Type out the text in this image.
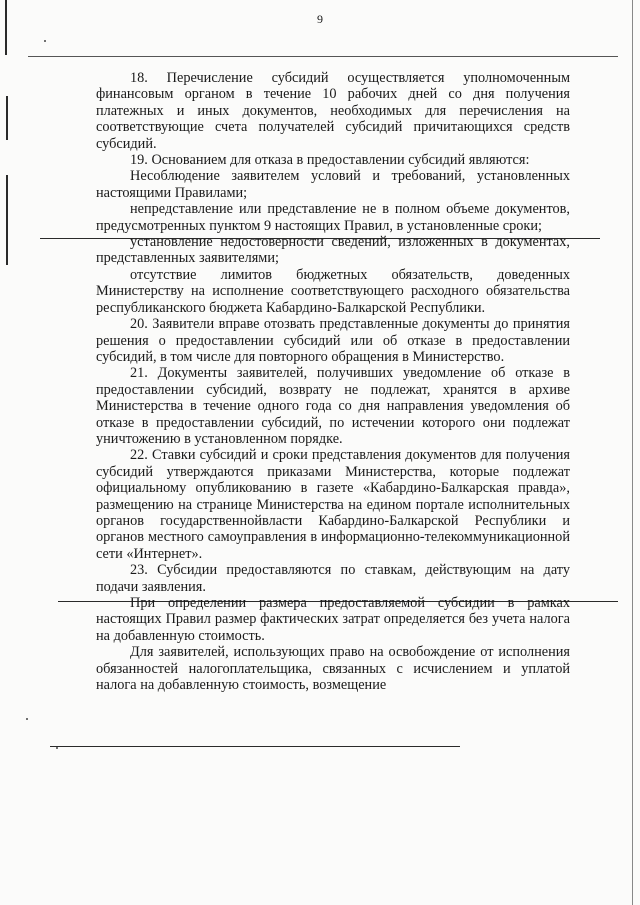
9

18. Перечисление субсидий осуществляется уполномоченным финансовым органом в течение 10 рабочих дней со дня получения платежных и иных документов, необходимых для перечисления на соответствующие счета получателей субсидий причитающихся средств субсидий.

19. Основанием для отказа в предоставлении субсидий являются:

Несоблюдение заявителем условий и требований, установленных настоящими Правилами;

непредставление или представление не в полном объеме документов, предусмотренных пунктом 9 настоящих Правил, в установленные сроки;

установление недостоверности сведений, изложенных в документах, представленных заявителями;

отсутствие лимитов бюджетных обязательств, доведенных Министерству на исполнение соответствующего расходного обязательства республиканского бюджета Кабардино-Балкарской Республики.

20. Заявители вправе отозвать представленные документы до принятия решения о предоставлении субсидий или об отказе в предоставлении субсидий, в том числе для повторного обращения в Министерство.

21. Документы заявителей, получивших уведомление об отказе в предоставлении субсидий, возврату не подлежат, хранятся в архиве Министерства в течение одного года со дня направления уведомления об отказе в предоставлении субсидий, по истечении которого они подлежат уничтожению в установленном порядке.

22. Ставки субсидий и сроки представления документов для получения субсидий утверждаются приказами Министерства, которые подлежат официальному опубликованию в газете «Кабардино-Балкарская правда», размещению на странице Министерства на едином портале исполнительных органов государственнойвласти Кабардино-Балкарской Республики и органов местного самоуправления в информационно-телекоммуникационной сети «Интернет».

23. Субсидии предоставляются по ставкам, действующим на дату подачи заявления.

При определении размера предоставляемой субсидии в рамках настоящих Правил размер фактических затрат определяется без учета налога на добавленную стоимость.

Для заявителей, использующих право на освобождение от исполнения обязанностей налогоплательщика, связанных с исчислением и уплатой налога на добавленную стоимость, возмещение
